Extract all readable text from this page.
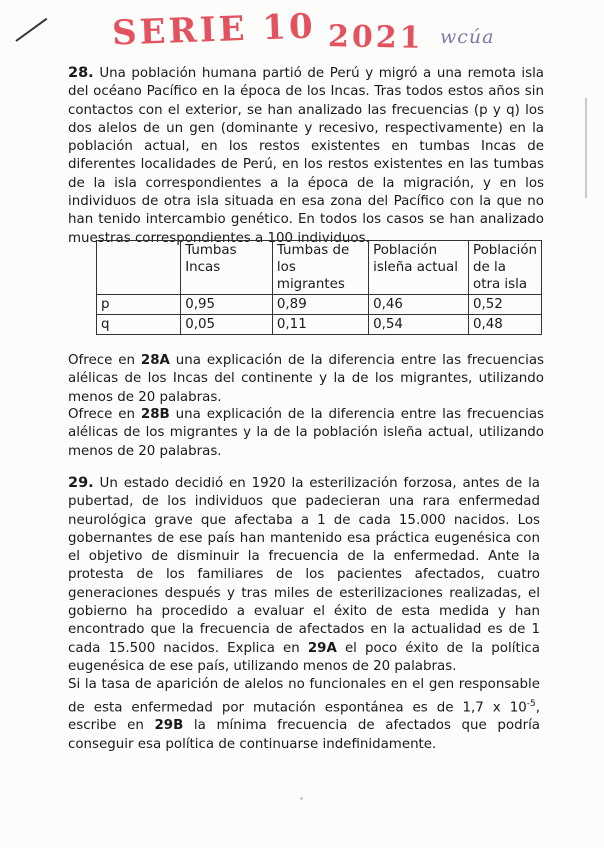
SERIE 10 2021 wcúa

28. Una población humana partió de Perú y migró a una remota isla del océano Pacífico en la época de los Incas. Tras todos estos años sin contactos con el exterior, se han analizado las frecuencias (p y q) los dos alelos de un gen (dominante y recesivo, respectivamente) en la población actual, en los restos existentes en tumbas Incas de diferentes localidades de Perú, en los restos existentes en las tumbas de la isla correspondientes a la época de la migración, y en los individuos de otra isla situada en esa zona del Pacífico con la que no han tenido intercambio genético. En todos los casos se han analizado muestras correspondientes a 100 individuos.

	Tumbas Incas	Tumbas de los migrantes	Población isleña actual	Población de la otra isla
p	0,95	0,89	0,46	0,52
q	0,05	0,11	0,54	0,48

Ofrece en 28A una explicación de la diferencia entre las frecuencias alélicas de los Incas del continente y la de los migrantes, utilizando menos de 20 palabras.

Ofrece en 28B una explicación de la diferencia entre las frecuencias alélicas de los migrantes y la de la población isleña actual, utilizando menos de 20 palabras.

29. Un estado decidió en 1920 la esterilización forzosa, antes de la pubertad, de los individuos que padecieran una rara enfermedad neurológica grave que afectaba a 1 de cada 15.000 nacidos. Los gobernantes de ese país han mantenido esa práctica eugenésica con el objetivo de disminuir la frecuencia de la enfermedad. Ante la protesta de los familiares de los pacientes afectados, cuatro generaciones después y tras miles de esterilizaciones realizadas, el gobierno ha procedido a evaluar el éxito de esta medida y han encontrado que la frecuencia de afectados en la actualidad es de 1 cada 15.500 nacidos. Explica en 29A el poco éxito de la política eugenésica de ese país, utilizando menos de 20 palabras.
Si la tasa de aparición de alelos no funcionales en el gen responsable de esta enfermedad por mutación espontánea es de 1,7 x $10^{-5}$, escribe en 29B la mínima frecuencia de afectados que podría conseguir esa política de continuarse indefinidamente.
